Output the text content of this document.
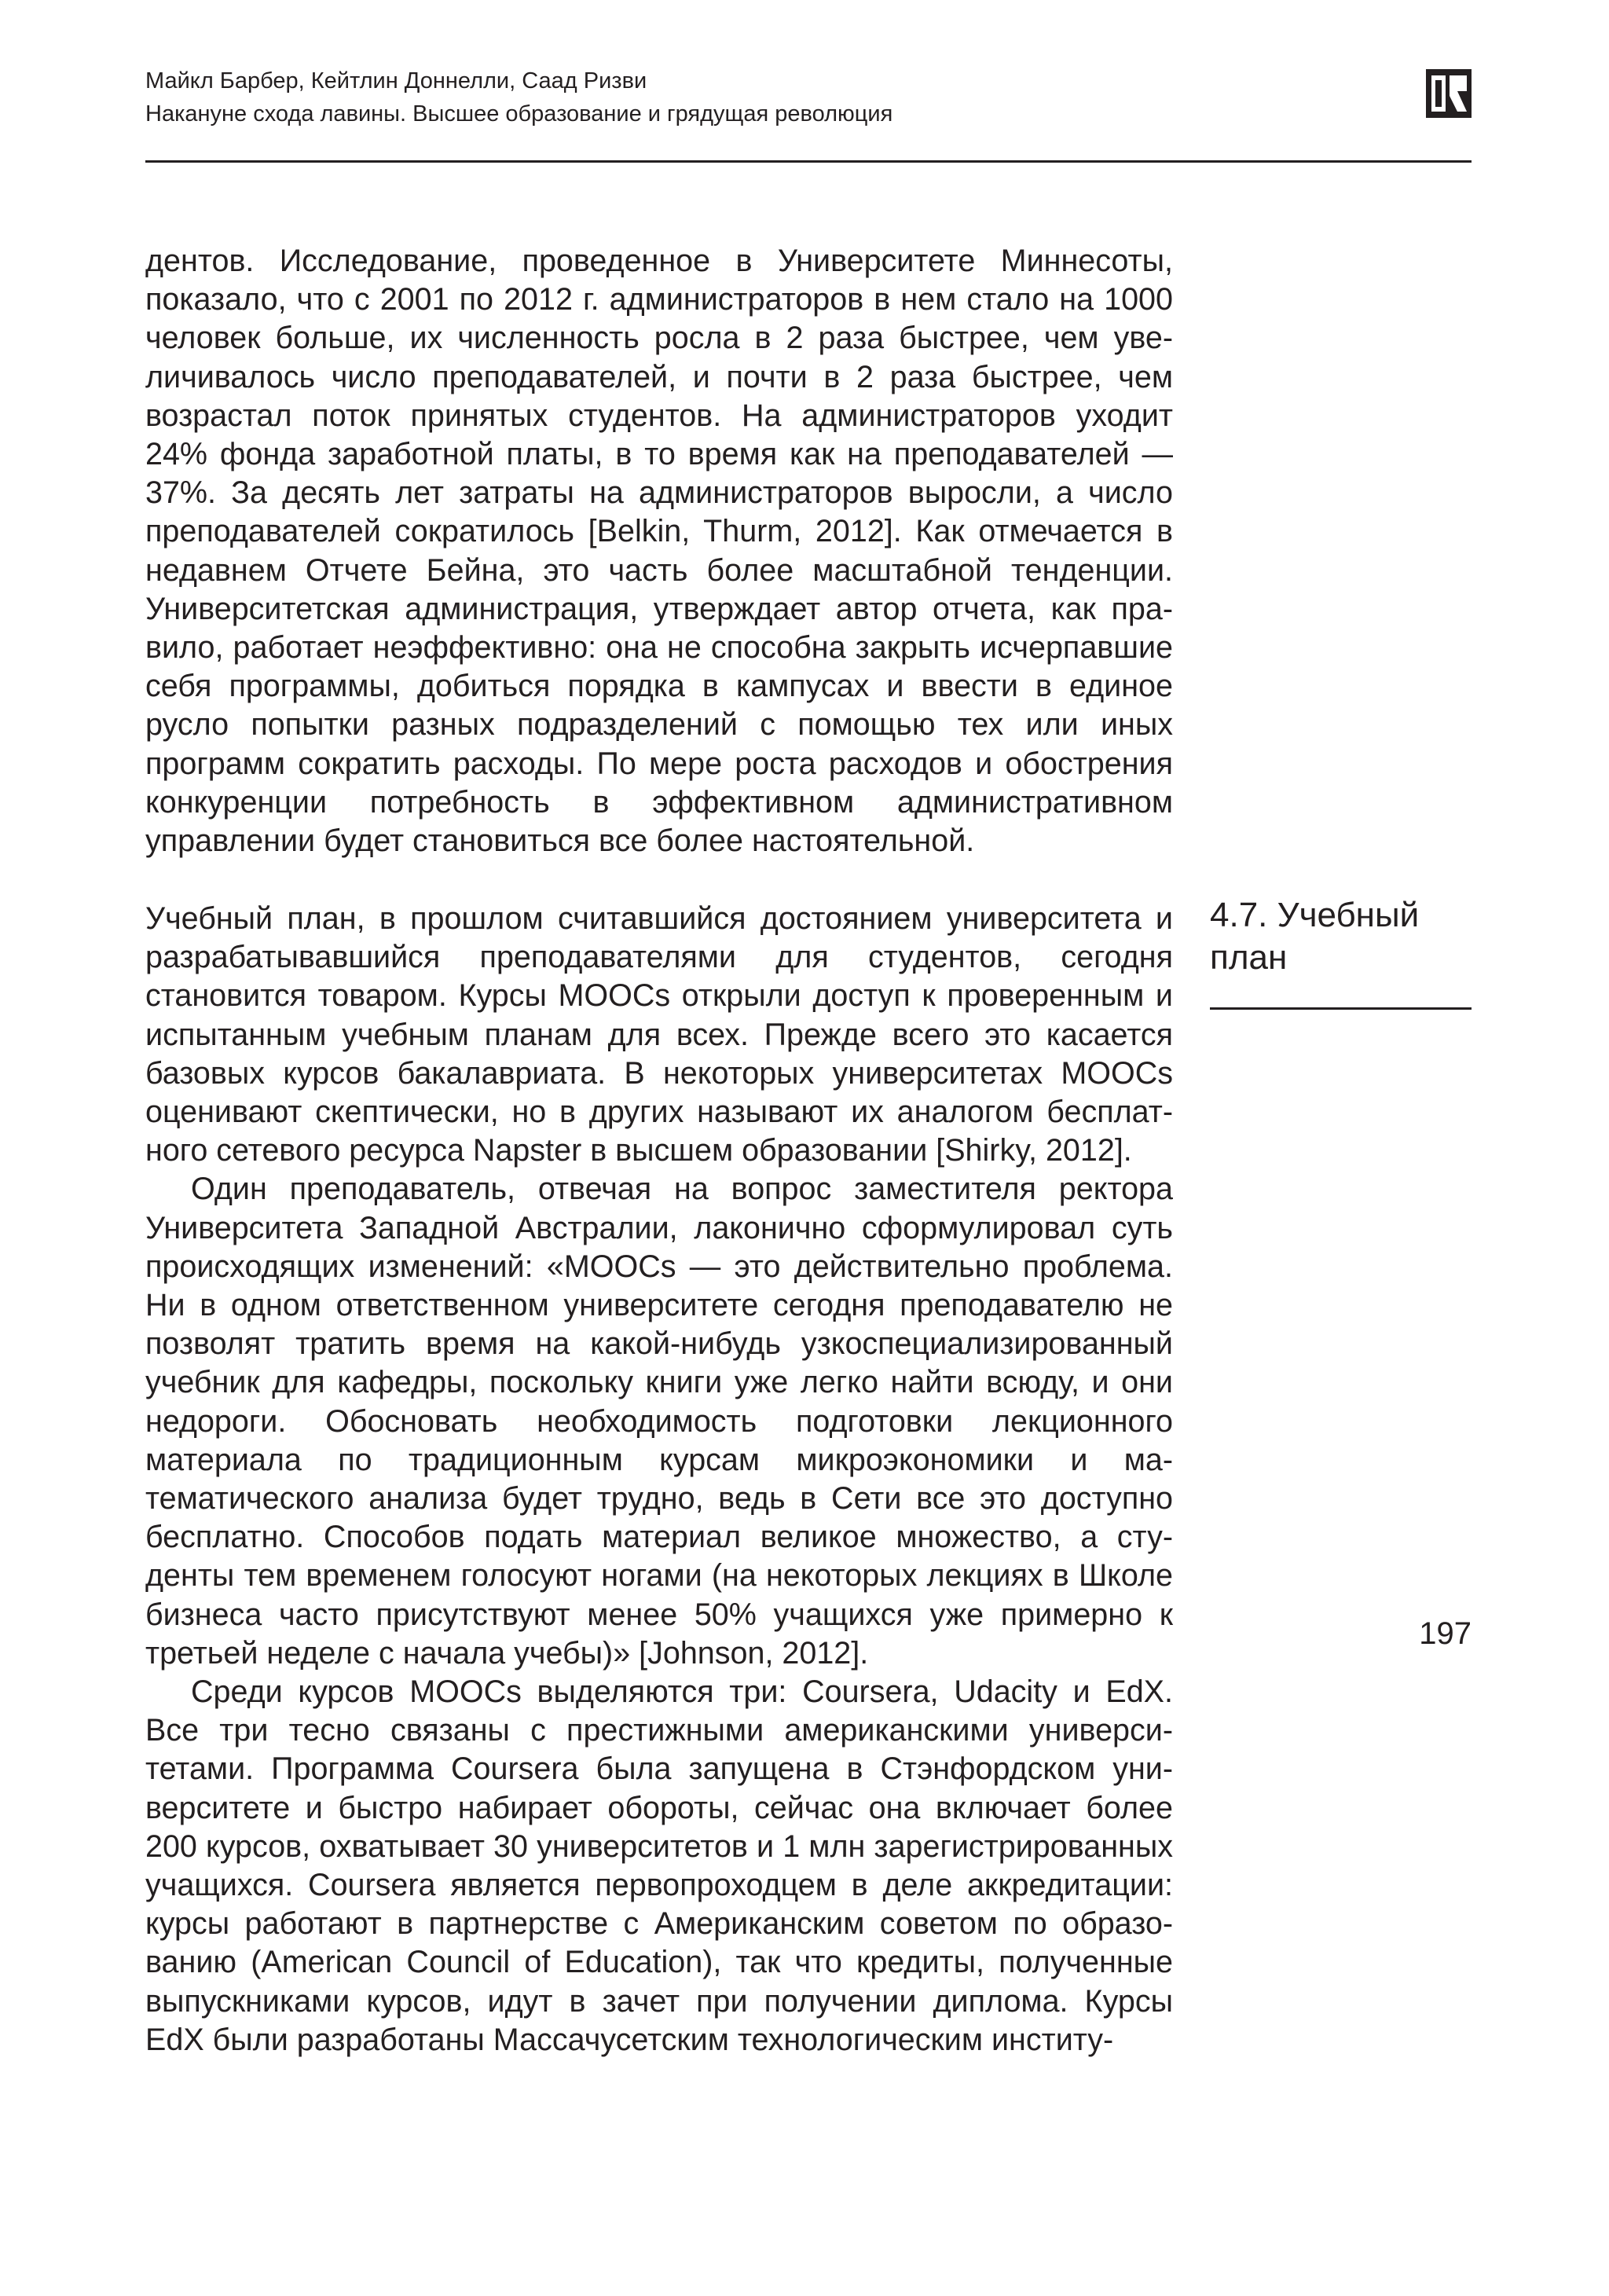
Майкл Барбер, Кейтлин Доннелли, Саад Ризви
Накануне схода лавины. Высшее образование и грядущая революция

дентов. Исследование, проведенное в Университете Миннесоты, показало, что с 2001 по 2012 г. администраторов в нем стало на 1000 человек больше, их численность росла в 2 раза быстрее, чем увеличивалось число преподавателей, и почти в 2 раза быстрее, чем возрастал поток принятых студентов. На администраторов уходит 24% фонда заработной платы, в то время как на преподавателей — 37%. За десять лет затраты на администраторов выросли, а число преподавателей сократилось [Belkin, Thurm, 2012]. Как отмечается в недавнем Отчете Бейна, это часть более масштабной тенденции. Университетская администрация, утверждает автор отчета, как правило, работает неэффективно: она не способна закрыть исчерпавшие себя программы, добиться порядка в кампусах и ввести в единое русло попытки разных подразделений с помощью тех или иных программ сократить расходы. По мере роста расходов и обострения конкуренции потребность в эффективном административном управлении будет становиться все более настоятельной.

4.7. Учебный план

Учебный план, в прошлом считавшийся достоянием университета и разрабатывавшийся преподавателями для студентов, сегодня становится товаром. Курсы MOOCs открыли доступ к проверенным и испытанным учебным планам для всех. Прежде всего это касается базовых курсов бакалавриата. В некоторых университетах MOOCs оценивают скептически, но в других называют их аналогом бесплатного сетевого ресурса Napster в высшем образовании [Shirky, 2012].

Один преподаватель, отвечая на вопрос заместителя ректора Университета Западной Австралии, лаконично сформулировал суть происходящих изменений: «MOOCs — это действительно проблема. Ни в одном ответственном университете сегодня преподавателю не позволят тратить время на какой-нибудь узкоспециализированный учебник для кафедры, поскольку книги уже легко найти всюду, и они недороги. Обосновать необходимость подготовки лекционного материала по традиционным курсам микроэкономики и математического анализа будет трудно, ведь в Сети все это доступно бесплатно. Способов подать материал великое множество, а студенты тем временем голосуют ногами (на некоторых лекциях в Школе бизнеса часто присутствуют менее 50% учащихся уже примерно к третьей неделе с начала учебы)» [Johnson, 2012].

Среди курсов MOOCs выделяются три: Coursera, Udacity и EdX. Все три тесно связаны с престижными американскими университетами. Программа Coursera была запущена в Стэнфордском университете и быстро набирает обороты, сейчас она включает более 200 курсов, охватывает 30 университетов и 1 млн зарегистрированных учащихся. Coursera является первопроходцем в деле аккредитации: курсы работают в партнерстве с Американским советом по образованию (American Council of Education), так что кредиты, полученные выпускниками курсов, идут в зачет при получении диплома. Курсы EdX были разработаны Массачусетским технологическим институ-

197
